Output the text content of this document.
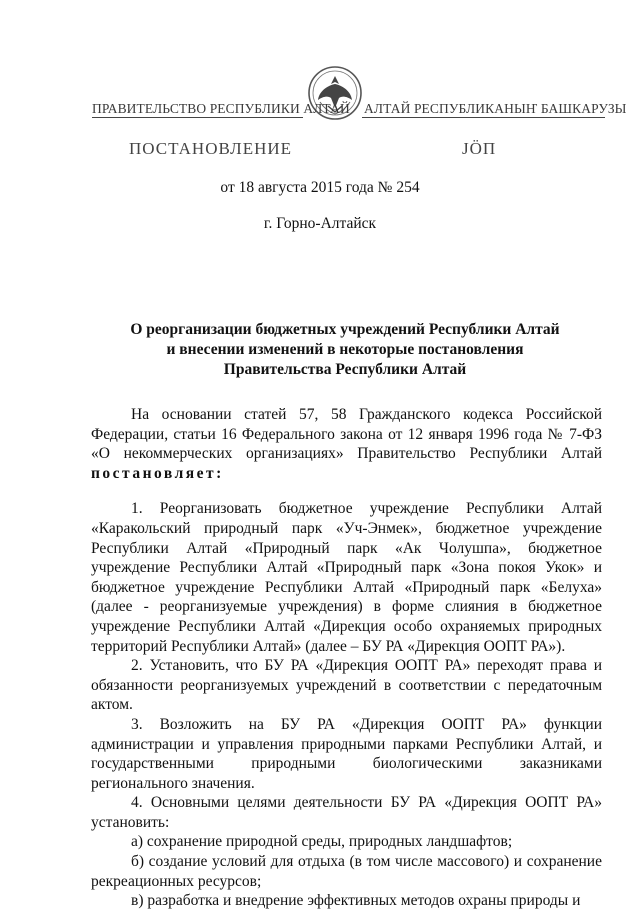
ПРАВИТЕЛЬСТВО РЕСПУБЛИКИ АЛТАЙ АЛТАЙ РЕСПУБЛИКАНЫҤ БАШКАРУЗЫ
ПОСТАНОВЛЕНИЕ	ЈÖП
от 18 августа 2015 года № 254
г. Горно-Алтайск
О реорганизации бюджетных учреждений Республики Алтай
и внесении изменений в некоторые постановления
Правительства Республики Алтай

На основании статей 57, 58 Гражданского кодекса Российской Федерации, статьи 16 Федерального закона от 12 января 1996 года № 7-ФЗ «О некоммерческих организациях» Правительство Республики Алтай постановляет:

1. Реорганизовать бюджетное учреждение Республики Алтай «Каракольский природный парк «Уч-Энмек», бюджетное учреждение Республики Алтай «Природный парк «Ак Чолушпа», бюджетное учреждение Республики Алтай «Природный парк «Зона покоя Укок» и бюджетное учреждение Республики Алтай «Природный парк «Белуха» (далее - реорганизуемые учреждения) в форме слияния в бюджетное учреждение Республики Алтай «Дирекция особо охраняемых природных территорий Республики Алтай» (далее – БУ РА «Дирекция ООПТ РА»).

2. Установить, что БУ РА «Дирекция ООПТ РА» переходят права и обязанности реорганизуемых учреждений в соответствии с передаточным актом.

3. Возложить на БУ РА «Дирекция ООПТ РА» функции администрации и управления природными парками Республики Алтай, и государственными природными биологическими заказниками регионального значения.

4. Основными целями деятельности БУ РА «Дирекция ООПТ РА» установить:

а) сохранение природной среды, природных ландшафтов;

б) создание условий для отдыха (в том числе массового) и сохранение рекреационных ресурсов;

в) разработка и внедрение эффективных методов охраны природы и
